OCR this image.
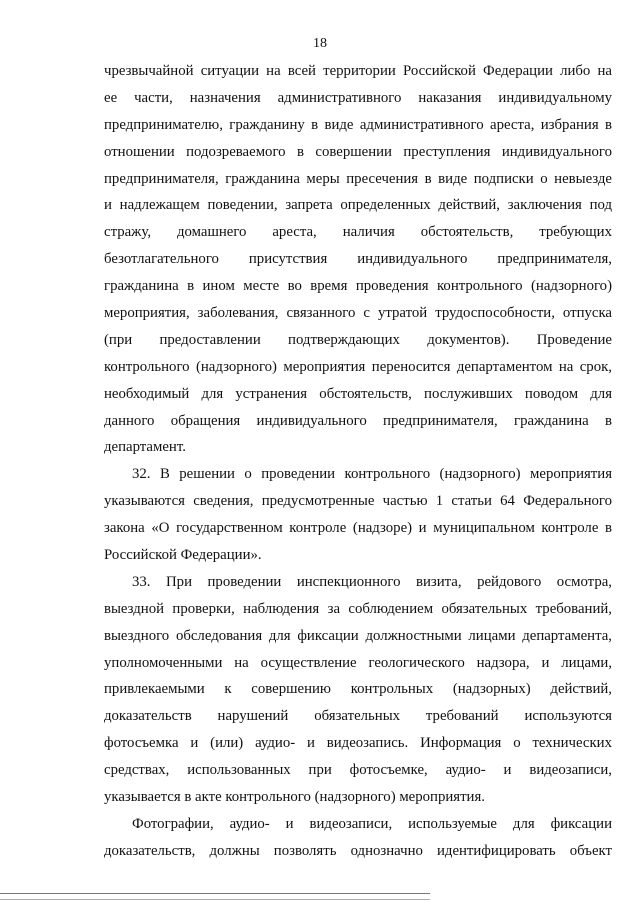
18
чрезвычайной ситуации на всей территории Российской Федерации либо на
ее части, назначения административного наказания индивидуальному
предпринимателю, гражданину в виде административного ареста, избрания в
отношении подозреваемого в совершении преступления индивидуального
предпринимателя, гражданина меры пресечения в виде подписки о невыезде
и надлежащем поведении, запрета определенных действий, заключения под
стражу, домашнего ареста, наличия обстоятельств, требующих
безотлагательного присутствия индивидуального предпринимателя,
гражданина в ином месте во время проведения контрольного (надзорного)
мероприятия, заболевания, связанного с утратой трудоспособности, отпуска
(при предоставлении подтверждающих документов). Проведение
контрольного (надзорного) мероприятия переносится департаментом на срок,
необходимый для устранения обстоятельств, послуживших поводом для
данного обращения индивидуального предпринимателя, гражданина в
департамент.
32. В решении о проведении контрольного (надзорного) мероприятия
указываются сведения, предусмотренные частью 1 статьи 64 Федерального
закона «О государственном контроле (надзоре) и муниципальном контроле в
Российской Федерации».
33. При проведении инспекционного визита, рейдового осмотра,
выездной проверки, наблюдения за соблюдением обязательных требований,
выездного обследования для фиксации должностными лицами департамента,
уполномоченными на осуществление геологического надзора, и лицами,
привлекаемыми к совершению контрольных (надзорных) действий,
доказательств нарушений обязательных требований используются
фотосъемка и (или) аудио- и видеозапись. Информация о технических
средствах, использованных при фотосъемке, аудио- и видеозаписи,
указывается в акте контрольного (надзорного) мероприятия.
Фотографии, аудио- и видеозаписи, используемые для фиксации
доказательств, должны позволять однозначно идентифицировать объект
